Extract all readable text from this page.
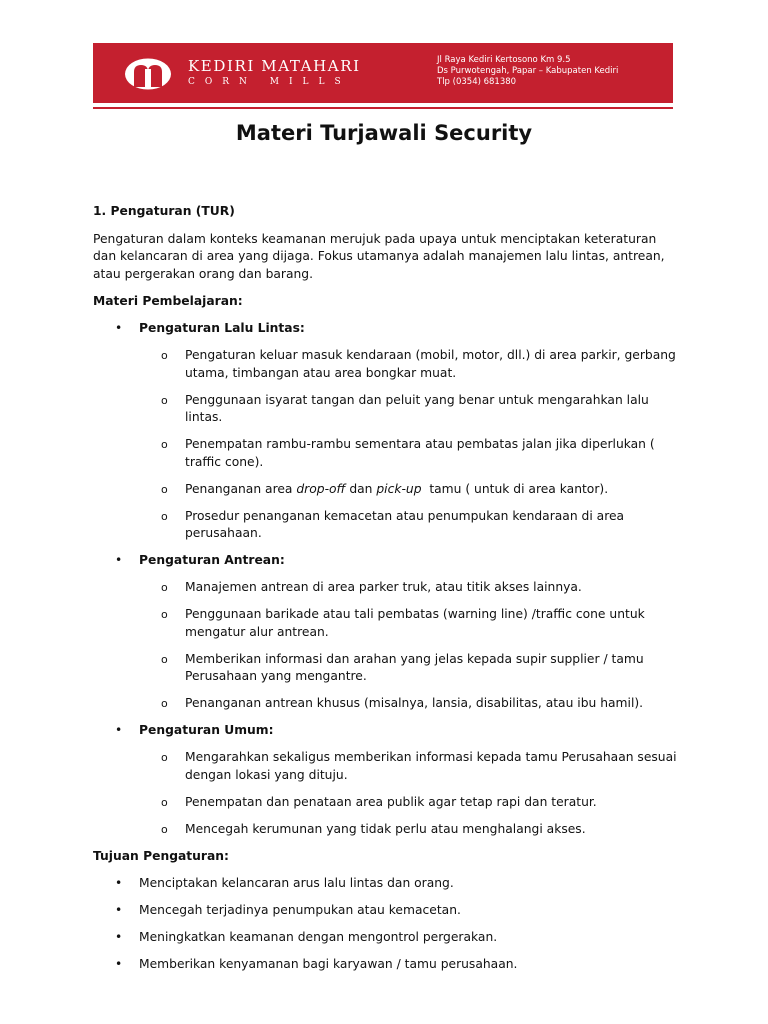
KEDIRI MATAHARI
CORN MILLS
Jl Raya Kediri Kertosono Km 9.5
Ds Purwotengah, Papar – Kabupaten Kediri
Tlp (0354) 681380
Materi Turjawali Security

1. Pengaturan (TUR)

Pengaturan dalam konteks keamanan merujuk pada upaya untuk menciptakan keteraturan dan kelancaran di area yang dijaga. Fokus utamanya adalah manajemen lalu lintas, antrean, atau pergerakan orang dan barang.

Materi Pembelajaran:

• Pengaturan Lalu Lintas:
o Pengaturan keluar masuk kendaraan (mobil, motor, dll.) di area parkir, gerbang utama, timbangan atau area bongkar muat.
o Penggunaan isyarat tangan dan peluit yang benar untuk mengarahkan lalu lintas.
o Penempatan rambu-rambu sementara atau pembatas jalan jika diperlukan ( traffic cone).
o Penanganan area drop-off dan pick-up  tamu ( untuk di area kantor).
o Prosedur penanganan kemacetan atau penumpukan kendaraan di area perusahaan.
• Pengaturan Antrean:
o Manajemen antrean di area parker truk, atau titik akses lainnya.
o Penggunaan barikade atau tali pembatas (warning line) /traffic cone untuk mengatur alur antrean.
o Memberikan informasi dan arahan yang jelas kepada supir supplier / tamu Perusahaan yang mengantre.
o Penanganan antrean khusus (misalnya, lansia, disabilitas, atau ibu hamil).
• Pengaturan Umum:
o Mengarahkan sekaligus memberikan informasi kepada tamu Perusahaan sesuai dengan lokasi yang dituju.
o Penempatan dan penataan area publik agar tetap rapi dan teratur.
o Mencegah kerumunan yang tidak perlu atau menghalangi akses.

Tujuan Pengaturan:

• Menciptakan kelancaran arus lalu lintas dan orang.
• Mencegah terjadinya penumpukan atau kemacetan.
• Meningkatkan keamanan dengan mengontrol pergerakan.
• Memberikan kenyamanan bagi karyawan / tamu perusahaan.
